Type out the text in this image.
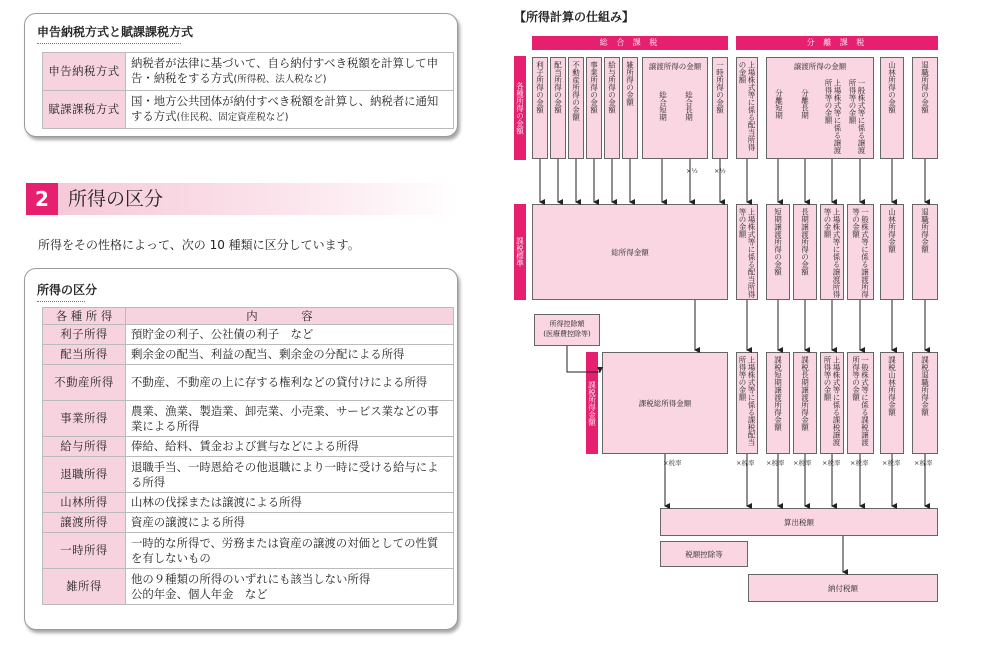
申告納税方式と賦課課税方式
申告納税方式	納税者が法律に基づいて、自ら納付すべき税額を計算して申告・納税をする方式(所得税、法人税など)
賦課課税方式	国・地方公共団体が納付すべき税額を計算し、納税者に通知する方式(住民税、固定資産税など)
2	所得の区分
所得をその性格によって、次の 10 種類に区分しています。
所得の区分
各 種 所 得	内 容
利子所得	預貯金の利子、公社債の利子　など
配当所得	剰余金の配当、利益の配当、剰余金の分配による所得
不動産所得	不動産、不動産の上に存する権利などの貸付けによる所得
事業所得	農業、漁業、製造業、卸売業、小売業、サービス業などの事業による所得
給与所得	俸給、給料、賃金および賞与などによる所得
退職所得	退職手当、一時恩給その他退職により一時に受ける給与による所得
山林所得	山林の伐採または譲渡による所得
譲渡所得	資産の譲渡による所得
一時所得	一時的な所得で、労務または資産の譲渡の対価としての性質を有しないもの
雑所得	他の９種類の所得のいずれにも該当しない所得
公的年金、個人年金　など
【所得計算の仕組み】
総 合 課 税	分 離 課 税
各種所得の金額
課税標準
課税所得金額
利子所得の金額	配当所得の金額	不動産所得の金額	事業所得の金額	給与所得の金額	雑所得の金額	譲渡所得の金額
総合短期 総合長期	一時所得の金額	上場株式等に係る配当所得の金額	譲渡所得の金額
分離短期 分離長期	上場株式等に係る譲渡所得等の金額	一般株式等に係る譲渡所得等の金額	山林所得の金額	退職所得の金額
×½	×½
総所得金額	上場株式等に係る配当所得等の金額	短期譲渡所得の金額	長期譲渡所得の金額	上場株式等に係る譲渡所得等の金額	一般株式等に係る譲渡所得等の金額	山林所得金額	退職所得金額
所得控除額
(医療費控除等)
課税総所得金額	上場株式等に係る課税配当所得等の金額	課税短期譲渡所得金額	課税長期譲渡所得金額	上場株式等に係る課税譲渡所得等の金額	一般株式等に係る課税譲渡所得等の金額	課税山林所得金額	課税退職所得金額
×税率	×税率 ×税率 ×税率 ×税率 ×税率 ×税率 ×税率
算出税額
税額控除等
納付税額
